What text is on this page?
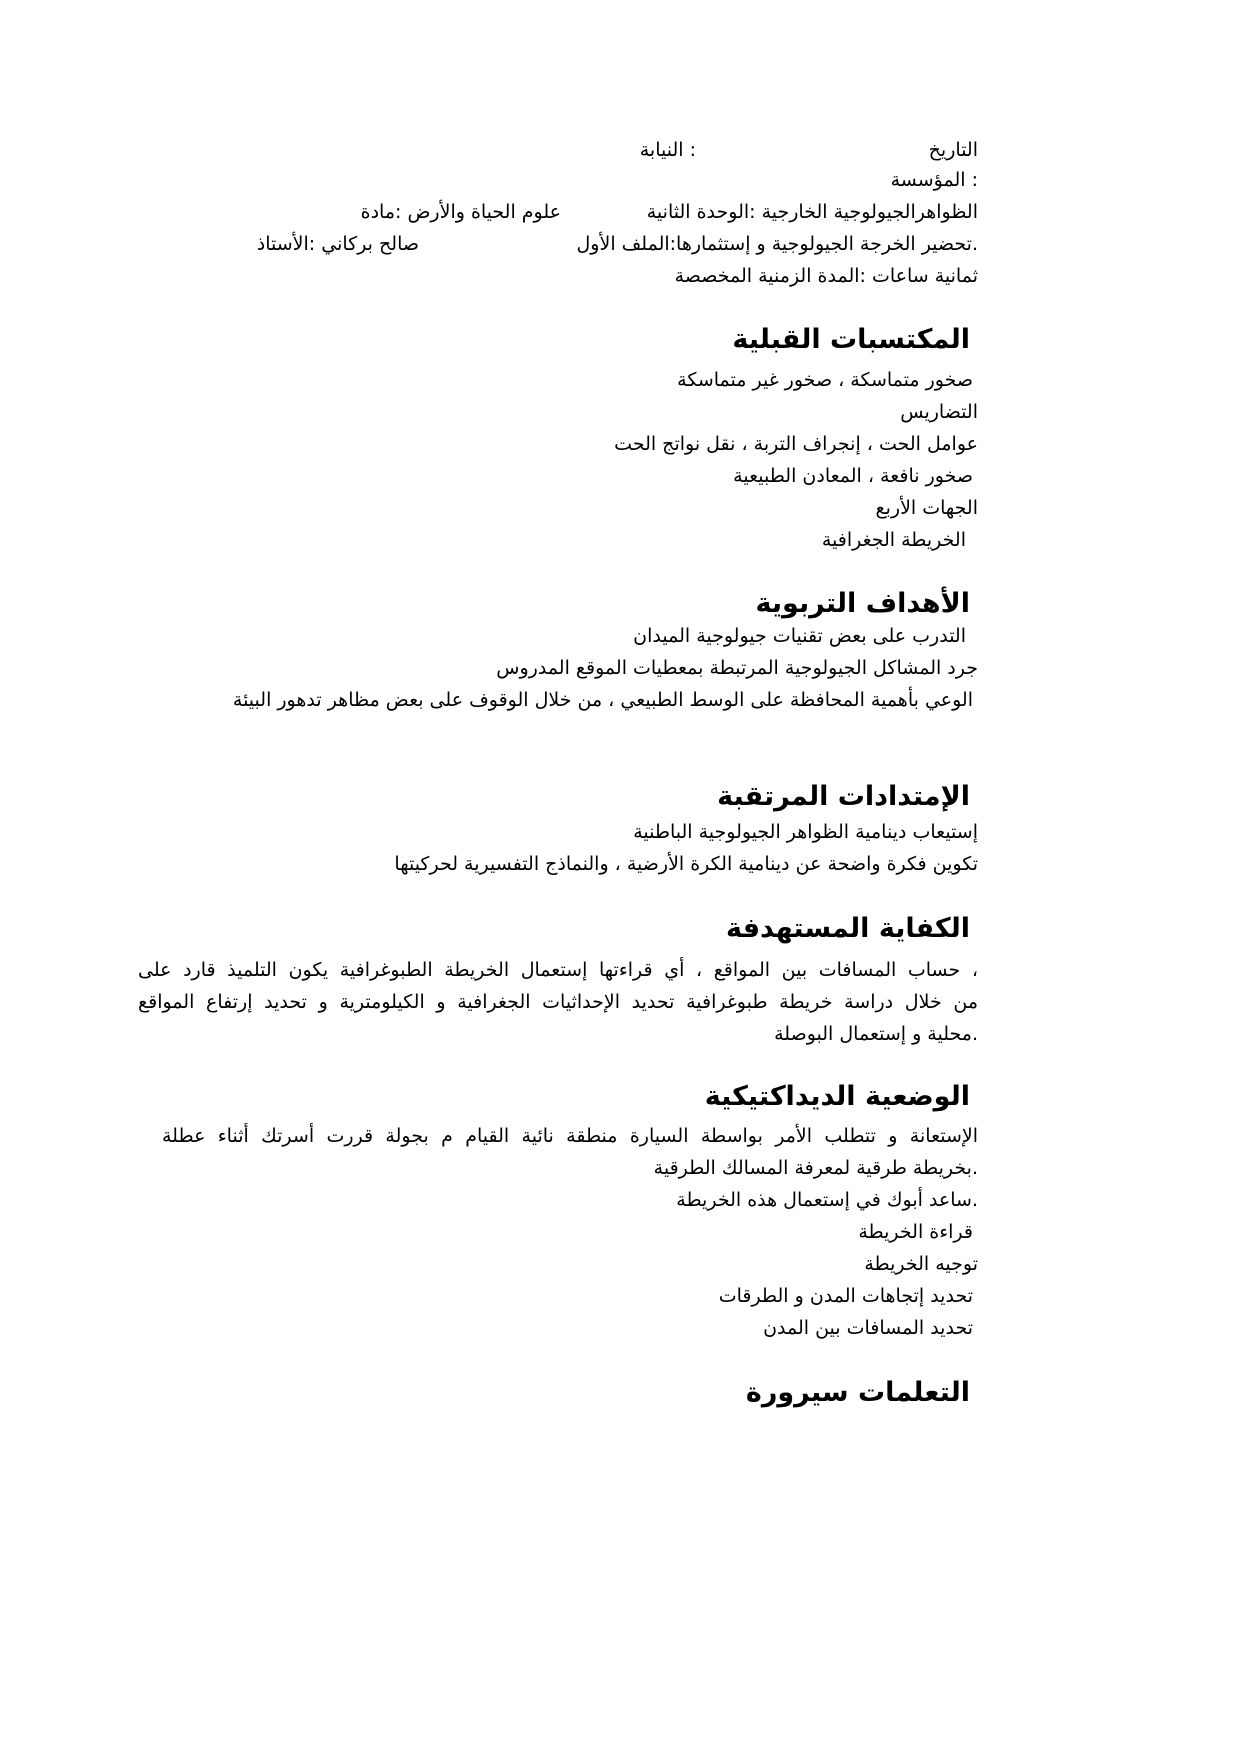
التاريخ
: النيابة
: المؤسسة
الظواهرالجيولوجية الخارجية :الوحدة الثانية
علوم الحياة والأرض :مادة
.تحضير الخرجة الجيولوجية و إستثمارها:الملف الأول
صالح بركاني :الأستاذ
ثمانية ساعات :المدة الزمنية المخصصة
المكتسبات القبلية
صخور متماسكة ، صخور غير متماسكة
التضاريس
عوامل الحت ، إنجراف التربة ، نقل نواتج الحت
صخور نافعة ، المعادن الطبيعية
الجهات الأربع
الخريطة الجغرافية
الأهداف التربوية
التدرب على بعض تقنيات جيولوجية الميدان
جرد المشاكل الجيولوجية المرتبطة بمعطيات الموقع المدروس
الوعي بأهمية المحافظة على الوسط الطبيعي ، من خلال الوقوف على بعض مظاهر تدهور البيئة
الإمتدادات المرتقبة
إستيعاب دينامية الظواهر الجيولوجية الباطنية
تكوين فكرة واضحة عن دينامية الكرة الأرضية ، والنماذج التفسيرية لحركيتها
الكفاية المستهدفة
، حساب المسافات بين المواقع ، أي قراءتها إستعمال الخريطة الطبوغرافية يكون التلميذ قارد على
من خلال دراسة خريطة طبوغرافية تحديد الإحداثيات الجغرافية و الكيلومترية و تحديد إرتفاع المواقع
.محلية و إستعمال البوصلة
الوضعية الديداكتيكية
الإستعانة و تتطلب الأمر بواسطة السيارة منطقة نائية القيام م بجولة قررت أسرتك أثناء عطلة
.بخريطة طرقية لمعرفة المسالك الطرقية
.ساعد أبوك في إستعمال هذه الخريطة
قراءة الخريطة
توجيه الخريطة
تحديد إتجاهات المدن و الطرقات
تحديد المسافات بين المدن
التعلمات سيرورة
